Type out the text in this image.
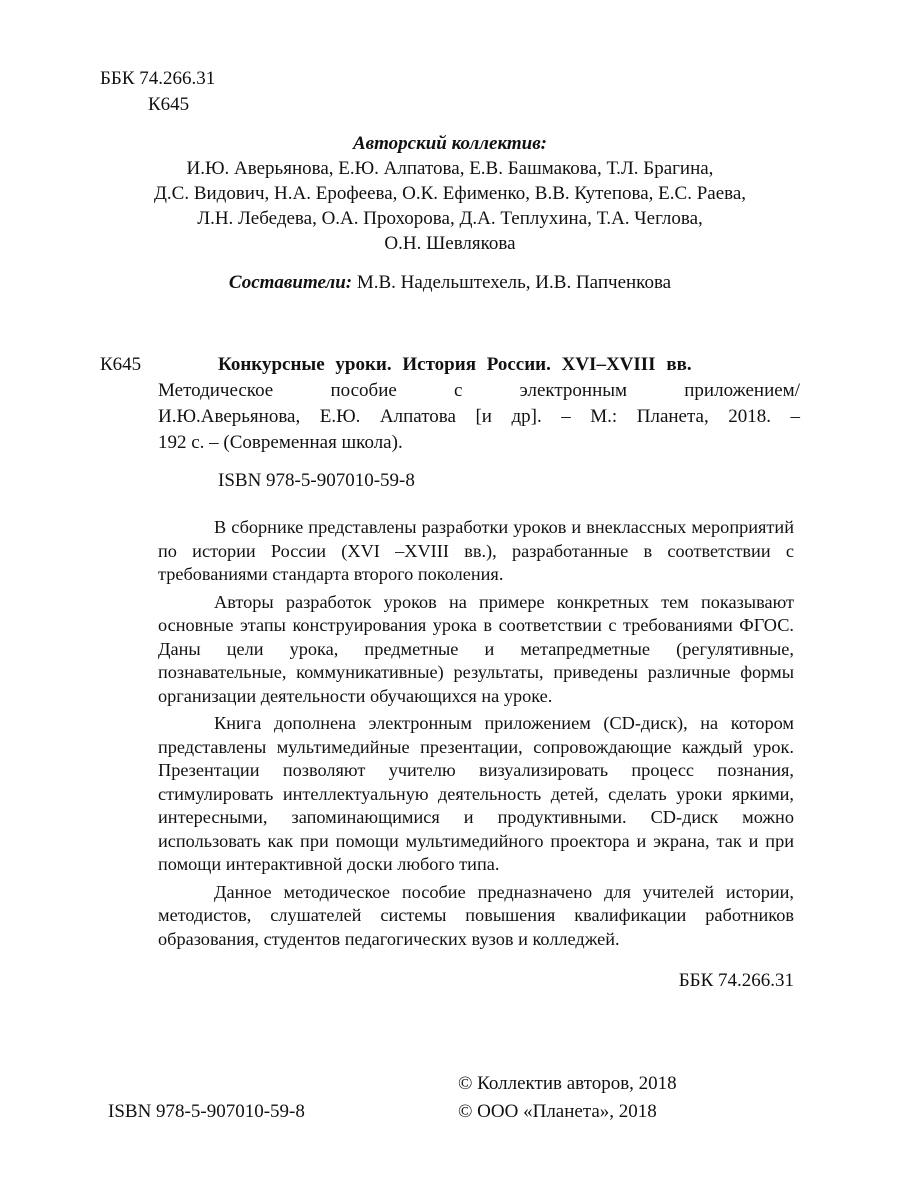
ББК 74.266.31
К645
Авторский коллектив:
И.Ю. Аверьянова, Е.Ю. Алпатова, Е.В. Башмакова, Т.Л. Брагина,
Д.С. Видович, Н.А. Ерофеева, О.К. Ефименко, В.В. Кутепова, Е.С. Раева,
Л.Н. Лебедева, О.А. Прохорова, Д.А. Теплухина, Т.А. Чеглова,
О.Н. Шевлякова
Составители: М.В. Надельштехель, И.В. Папченкова
К645	Конкурсные уроки. История России. XVI–XVIII вв.
Методическое пособие с электронным приложением/
И.Ю.Аверьянова, Е.Ю. Алпатова [и др]. – М.: Планета, 2018. –
192 с. – (Современная школа).
ISBN 978-5-907010-59-8

В сборнике представлены разработки уроков и внеклассных мероприятий по истории России (XVI –XVIII вв.), разработанные в соответствии с требованиями стандарта второго поколения.

Авторы разработок уроков на примере конкретных тем показывают основные этапы конструирования урока в соответствии с требованиями ФГОС. Даны цели урока, предметные и метапредметные (регулятивные, познавательные, коммуникативные) результаты, приведены различные формы организации деятельности обучающихся на уроке.

Книга дополнена электронным приложением (CD-диск), на котором представлены мультимедийные презентации, сопровождающие каждый урок. Презентации позволяют учителю визуализировать процесс познания, стимулировать интеллектуальную деятельность детей, сделать уроки яркими, интересными, запоминающимися и продуктивными. CD-диск можно использовать как при помощи мультимедийного проектора и экрана, так и при помощи интерактивной доски любого типа.

Данное методическое пособие предназначено для учителей истории, методистов, слушателей системы повышения квалификации работников образования, студентов педагогических вузов и колледжей.

ББК 74.266.31
© Коллектив авторов, 2018
© ООО «Планета», 2018
ISBN 978-5-907010-59-8
